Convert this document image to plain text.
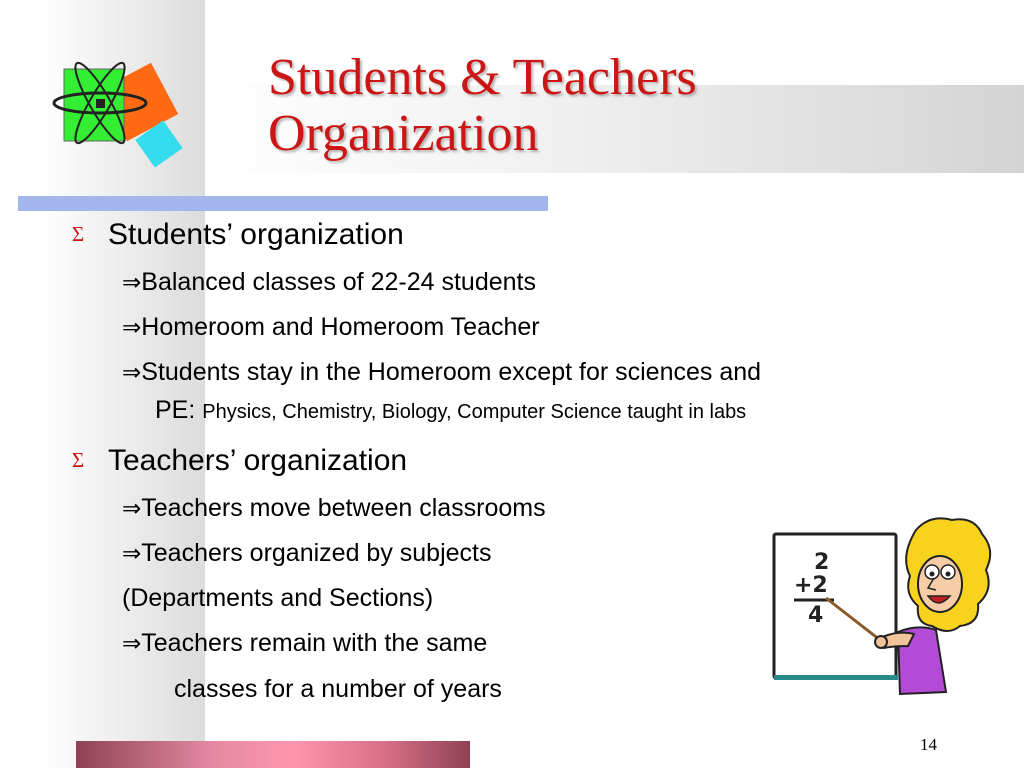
Students & Teachers
Organization
Σ Students’ organization
⇒Balanced classes of 22-24 students
⇒Homeroom and Homeroom Teacher
⇒Students stay in the Homeroom except for sciences and
PE: Physics, Chemistry, Biology, Computer Science taught in labs
Σ Teachers’ organization
⇒Teachers move between classrooms
⇒Teachers organized by subjects
(Departments and Sections)
⇒Teachers remain with the same
classes for a number of years
2
+2
4
14
